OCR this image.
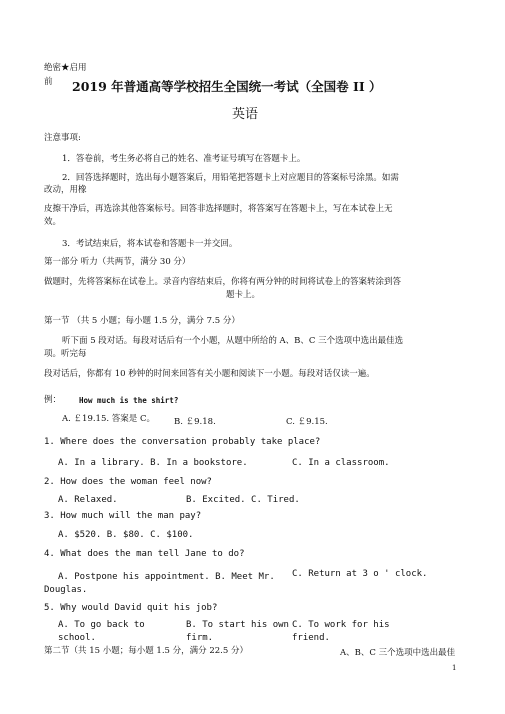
绝密★启用
前 2019 年普通高等学校招生全国统一考试（全国卷 II ）
英语
注意事项:
1．答卷前，考生务必将自己的姓名、准考证号填写在答题卡上。
2．回答选择题时，选出每小题答案后，用铅笔把答题卡上对应题目的答案标号涂黑。如需
改动，用橡
皮擦干净后，再选涂其他答案标号。回答非选择题时，将答案写在答题卡上，写在本试卷上无
效。
3．考试结束后，将本试卷和答题卡一并交回。
第一部分 听力（共两节，满分 30 分）
做题时，先将答案标在试卷上。录音内容结束后，你将有两分钟的时间将试卷上的答案转涂到答
题卡上。
第一节 （共 5 小题；每小题 1.5 分，满分 7.5 分）
听下面 5 段对话。每段对话后有一个小题，从题中所给的 A、B、C 三个选项中选出最佳选
项。听完每
段对话后，你都有 10 秒钟的时间来回答有关小题和阅读下一小题。每段对话仅读一遍。
例： How much is the shirt?
A. ￡19.15. 答案是 C。 B. ￡9.18.	C. ￡9.15.
1. Where does the conversation probably take place?
A. In a library. B. In a bookstore.	C. In a classroom.
2. How does the woman feel now?
A. Relaxed.	B. Excited. C. Tired.
3. How much will the man pay?
A. $520. B. $80. C. $100.
4. What does the man tell Jane to do?
A. Postpone his appointment. B. Meet Mr.
Douglas.
C. Return at 3 o ' clock.
5. Why would David quit his job?
A. To go back to
school.
B. To start his own
firm.
C. To work for his
friend.
第二节（共 15 小题；每小题 1.5 分，满分 22.5 分）	A、B、C 三个选项中选出最佳
1
